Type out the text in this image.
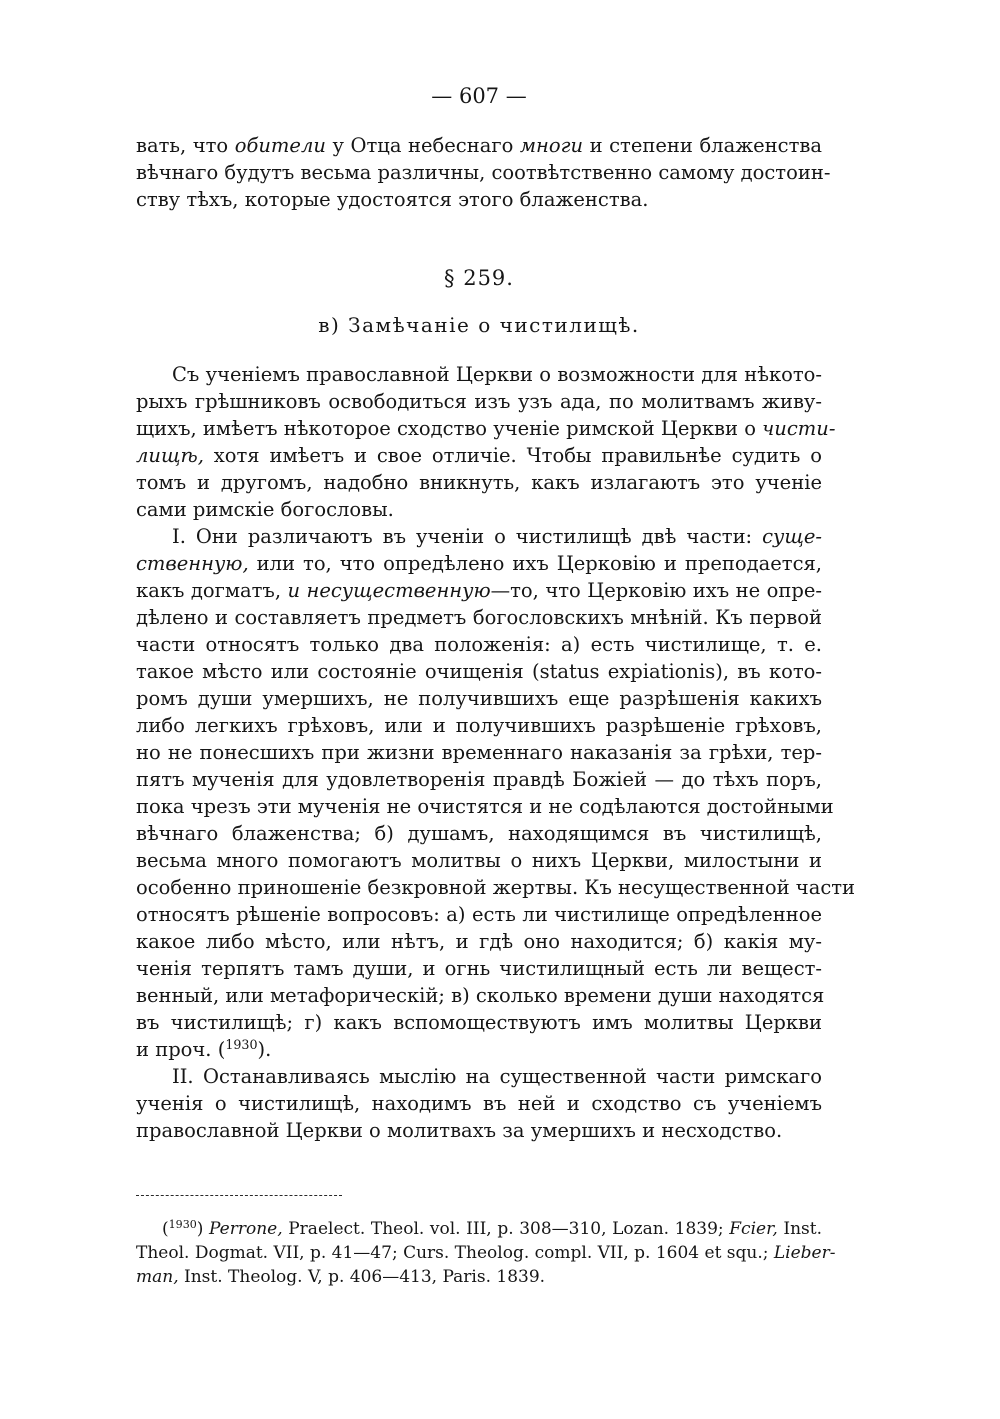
— 607 —
вать, что обители у Отца небеснаго многи и степени блаженства
вѣчнаго будутъ весьма различны, соотвѣтственно самому достоин-
ству тѣхъ, которые удостоятся этого блаженства.
§ 259.
в) Замѣчаніе о чистилищѣ.
Съ ученіемъ православной Церкви о возможности для нѣкото-
рыхъ грѣшниковъ освободиться изъ узъ ада, по молитвамъ живу-
щихъ, имѣетъ нѣкоторое сходство ученіе римской Церкви о чисти-
лищѣ, хотя имѣетъ и свое отличіе. Чтобы правильнѣе судить о
томъ и другомъ, надобно вникнуть, какъ излагаютъ это ученіе
сами римскіе богословы.
I. Они различаютъ въ ученіи о чистилищѣ двѣ части: суще-
ственную, или то, что опредѣлено ихъ Церковію и преподается,
какъ догматъ, и несущественную—то, что Церковію ихъ не опре-
дѣлено и составляетъ предметъ богословскихъ мнѣній. Къ первой
части относятъ только два положенія: а) есть чистилище, т. е.
такое мѣсто или состояніе очищенія (status expiationis), въ кото-
ромъ души умершихъ, не получившихъ еще разрѣшенія какихъ
либо легкихъ грѣховъ, или и получившихъ разрѣшеніе грѣховъ,
но не понесшихъ при жизни временнаго наказанія за грѣхи, тер-
пятъ мученія для удовлетворенія правдѣ Божіей — до тѣхъ поръ,
пока чрезъ эти мученія не очистятся и не содѣлаются достойными
вѣчнаго блаженства; б) душамъ, находящимся въ чистилищѣ,
весьма много помогаютъ молитвы о нихъ Церкви, милостыни и
особенно приношеніе безкровной жертвы. Къ несущественной части
относятъ рѣшеніе вопросовъ: а) есть ли чистилище опредѣленное
какое либо мѣсто, или нѣтъ, и гдѣ оно находится; б) какія му-
ченія терпятъ тамъ души, и огнь чистилищный есть ли вещест-
венный, или метафорическій; в) сколько времени души находятся
въ чистилищѣ; г) какъ вспомоществуютъ имъ молитвы Церкви
и проч. ($^{1930}$).
II. Останавливаясь мыслію на существенной части римскаго
ученія о чистилищѣ, находимъ въ ней и сходство съ ученіемъ
православной Церкви о молитвахъ за умершихъ и несходство.
($^{1930}$) Perrone, Praelect. Theol. vol. III, p. 308—310, Lozan. 1839; Fcier, Inst.
Theol. Dogmat. VII, p. 41—47; Curs. Theolog. compl. VII, p. 1604 et squ.; Lieber-
man, Inst. Theolog. V, p. 406—413, Paris. 1839.
